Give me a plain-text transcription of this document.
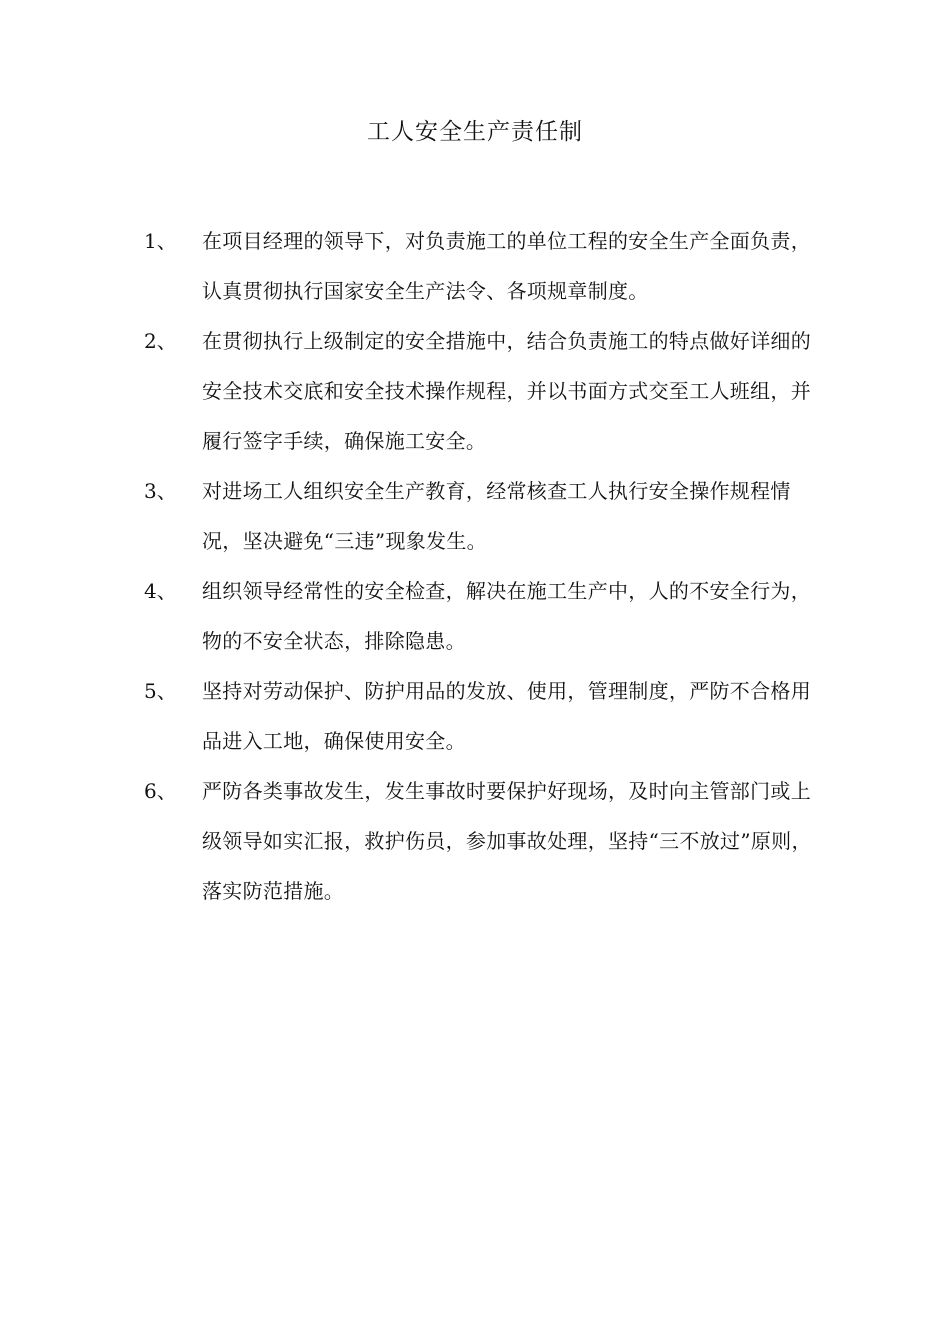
工人安全生产责任制
1、 在项目经理的领导下，对负责施工的单位工程的安全生产全面负责，认真贯彻执行国家安全生产法令、各项规章制度。
2、 在贯彻执行上级制定的安全措施中，结合负责施工的特点做好详细的安全技术交底和安全技术操作规程，并以书面方式交至工人班组，并履行签字手续，确保施工安全。
3、 对进场工人组织安全生产教育，经常核查工人执行安全操作规程情况，坚决避免“三违”现象发生。
4、 组织领导经常性的安全检查，解决在施工生产中，人的不安全行为，物的不安全状态，排除隐患。
5、 坚持对劳动保护、防护用品的发放、使用，管理制度，严防不合格用品进入工地，确保使用安全。
6、 严防各类事故发生，发生事故时要保护好现场，及时向主管部门或上级领导如实汇报，救护伤员，参加事故处理，坚持“三不放过”原则，落实防范措施。
